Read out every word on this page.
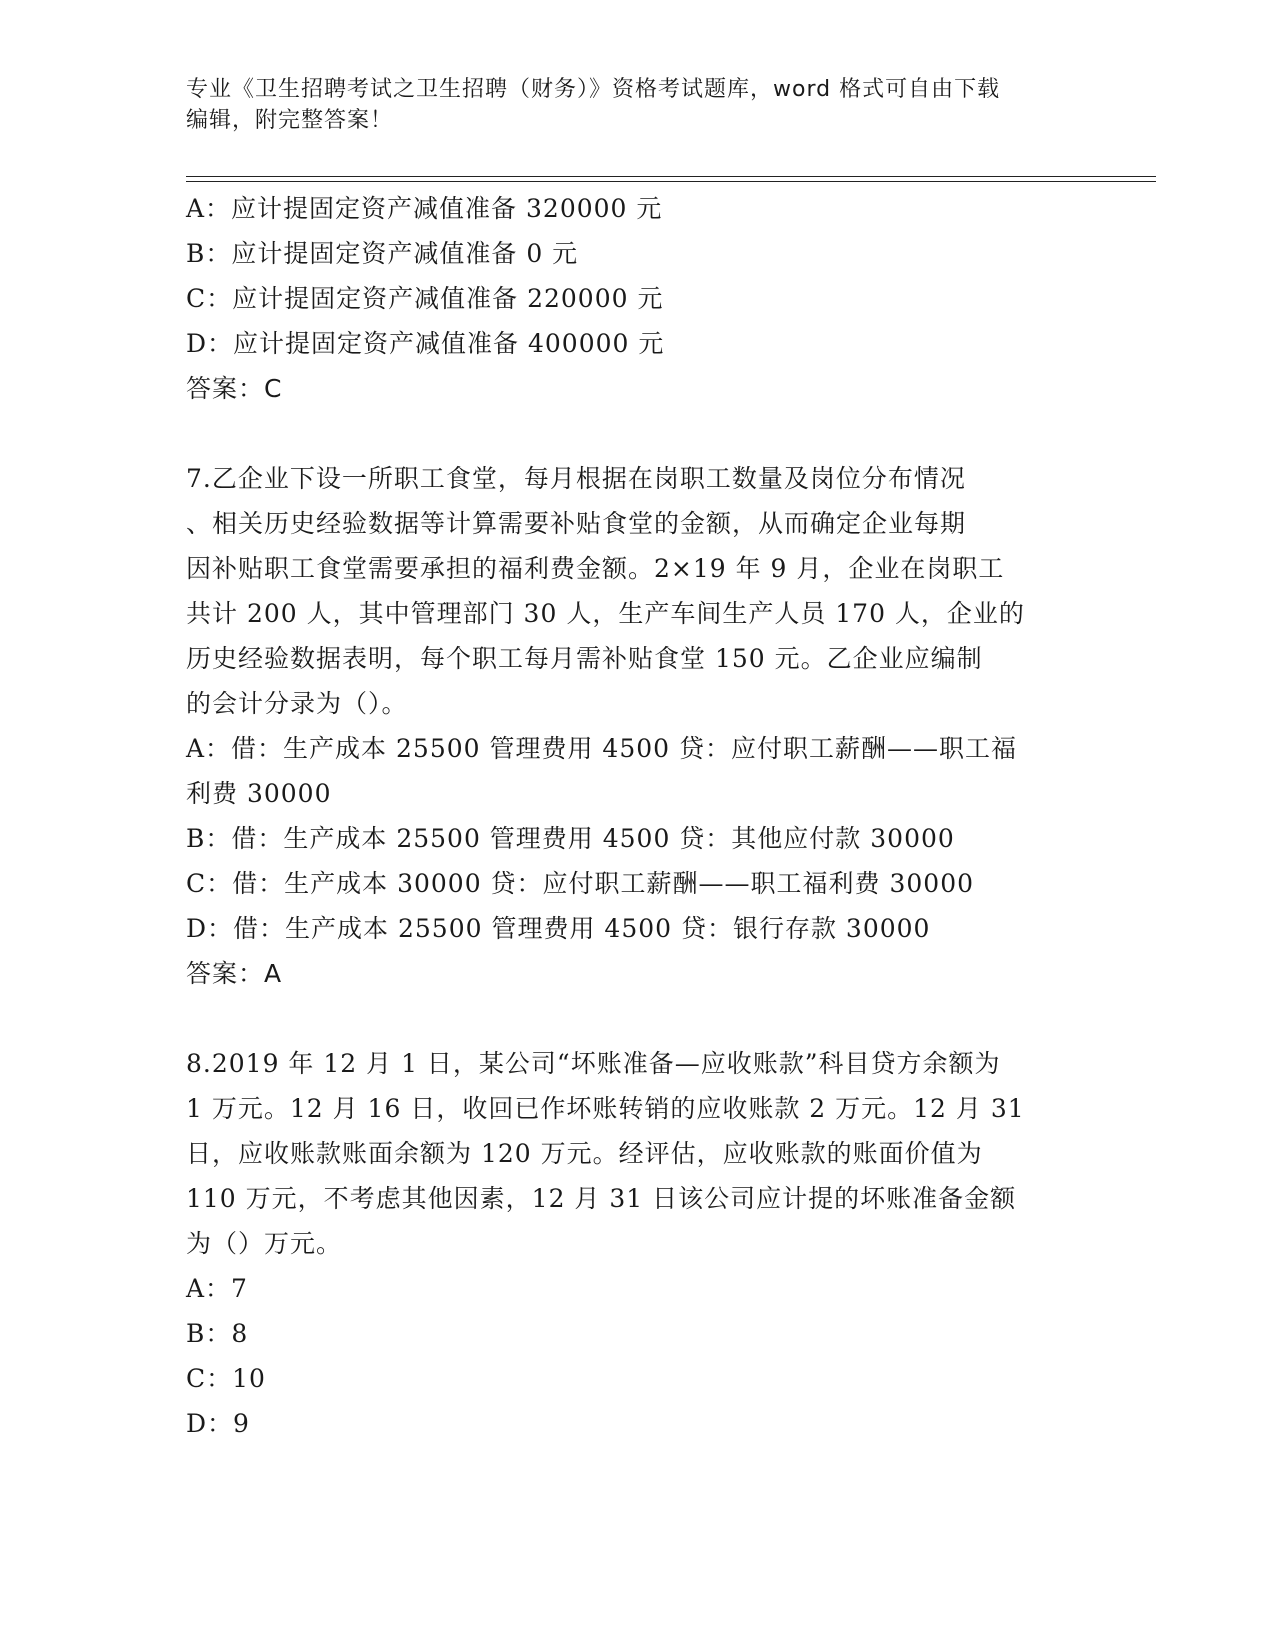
专业《卫生招聘考试之卫生招聘（财务）》资格考试题库，word 格式可自由下载
编辑，附完整答案！
A：应计提固定资产减值准备 320000 元
B：应计提固定资产减值准备 0 元
C：应计提固定资产减值准备 220000 元
D：应计提固定资产减值准备 400000 元
答案：C
7.乙企业下设一所职工食堂，每月根据在岗职工数量及岗位分布情况
、相关历史经验数据等计算需要补贴食堂的金额，从而确定企业每期
因补贴职工食堂需要承担的福利费金额。2×19 年 9 月，企业在岗职工
共计 200 人，其中管理部门 30 人，生产车间生产人员 170 人，企业的
历史经验数据表明，每个职工每月需补贴食堂 150 元。乙企业应编制
的会计分录为（）。
A：借：生产成本 25500 管理费用 4500 贷：应付职工薪酬——职工福
利费 30000
B：借：生产成本 25500 管理费用 4500 贷：其他应付款 30000
C：借：生产成本 30000 贷：应付职工薪酬——职工福利费 30000
D：借：生产成本 25500 管理费用 4500 贷：银行存款 30000
答案：A
8.2019 年 12 月 1 日，某公司“坏账准备—应收账款”科目贷方余额为
1 万元。12 月 16 日，收回已作坏账转销的应收账款 2 万元。12 月 31
日，应收账款账面余额为 120 万元。经评估，应收账款的账面价值为
110 万元，不考虑其他因素，12 月 31 日该公司应计提的坏账准备金额
为（）万元。
A：7
B：8
C：10
D：9
